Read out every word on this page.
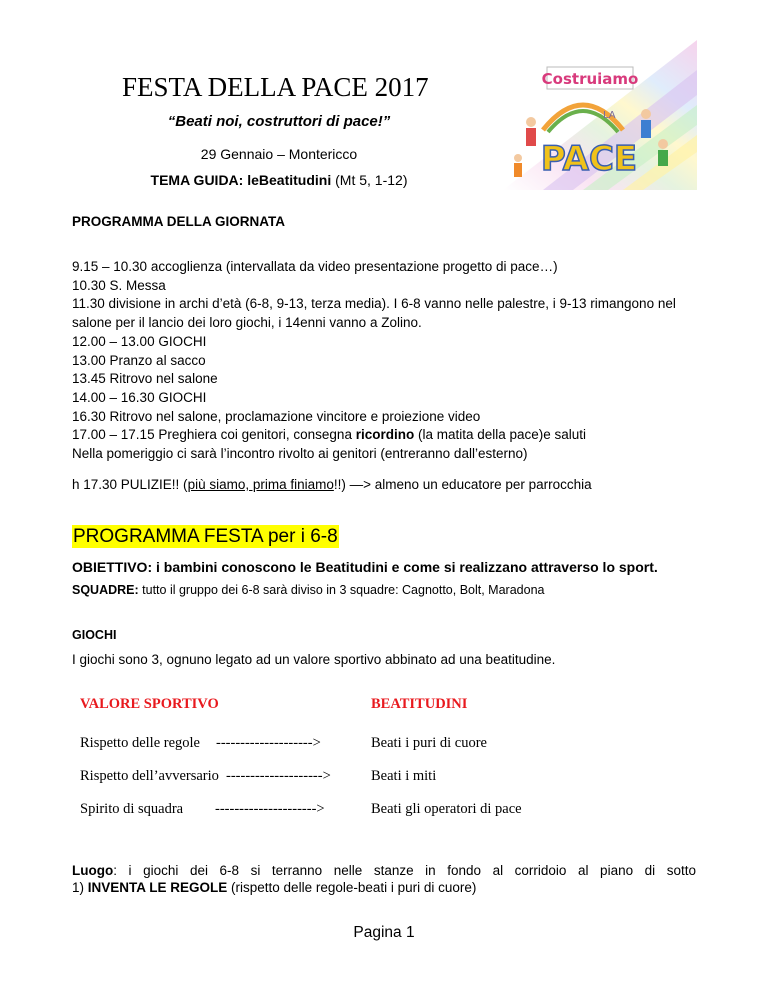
FESTA DELLA PACE 2017
“Beati noi, costruttori di pace!”
29 Gennaio – Montericco
TEMA GUIDA: leBeatitudini (Mt 5, 1-12)
Costruiamo
LA
PACE
PROGRAMMA DELLA GIORNATA
9.15 – 10.30 accoglienza (intervallata da video presentazione progetto di pace…)
10.30 S. Messa
11.30 divisione in archi d’età (6-8, 9-13, terza media). I 6-8 vanno nelle palestre, i 9-13 rimangono nel
salone per il lancio dei loro giochi, i 14enni vanno a Zolino.
12.00 – 13.00 GIOCHI
13.00 Pranzo al sacco
13.45 Ritrovo nel salone
14.00 – 16.30 GIOCHI
16.30 Ritrovo nel salone, proclamazione vincitore e proiezione video
17.00 – 17.15 Preghiera coi genitori, consegna ricordino (la matita della pace)e saluti
Nella pomeriggio ci sarà l’incontro rivolto ai genitori (entreranno dall’esterno)
h 17.30 PULIZIE!! (più siamo, prima finiamo!!) —> almeno un educatore per parrocchia
PROGRAMMA FESTA per i 6-8
OBIETTIVO: i bambini conoscono le Beatitudini e come si realizzano attraverso lo sport.
SQUADRE: tutto il gruppo dei 6-8 sarà diviso in 3 squadre: Cagnotto, Bolt, Maradona
GIOCHI
I giochi sono 3, ognuno legato ad un valore sportivo abbinato ad una beatitudine.
VALORE SPORTIVO	BEATITUDINI
Rispetto delle regole -------------------->	Beati i puri di cuore
Rispetto dell’avversario -------------------->	Beati i miti
Spirito di squadra --------------------->	Beati gli operatori di pace
Luogo: i giochi dei 6-8 si terranno nelle stanze in fondo al corridoio al piano di sotto
1) INVENTA LE REGOLE (rispetto delle regole-beati i puri di cuore)
Pagina 1
